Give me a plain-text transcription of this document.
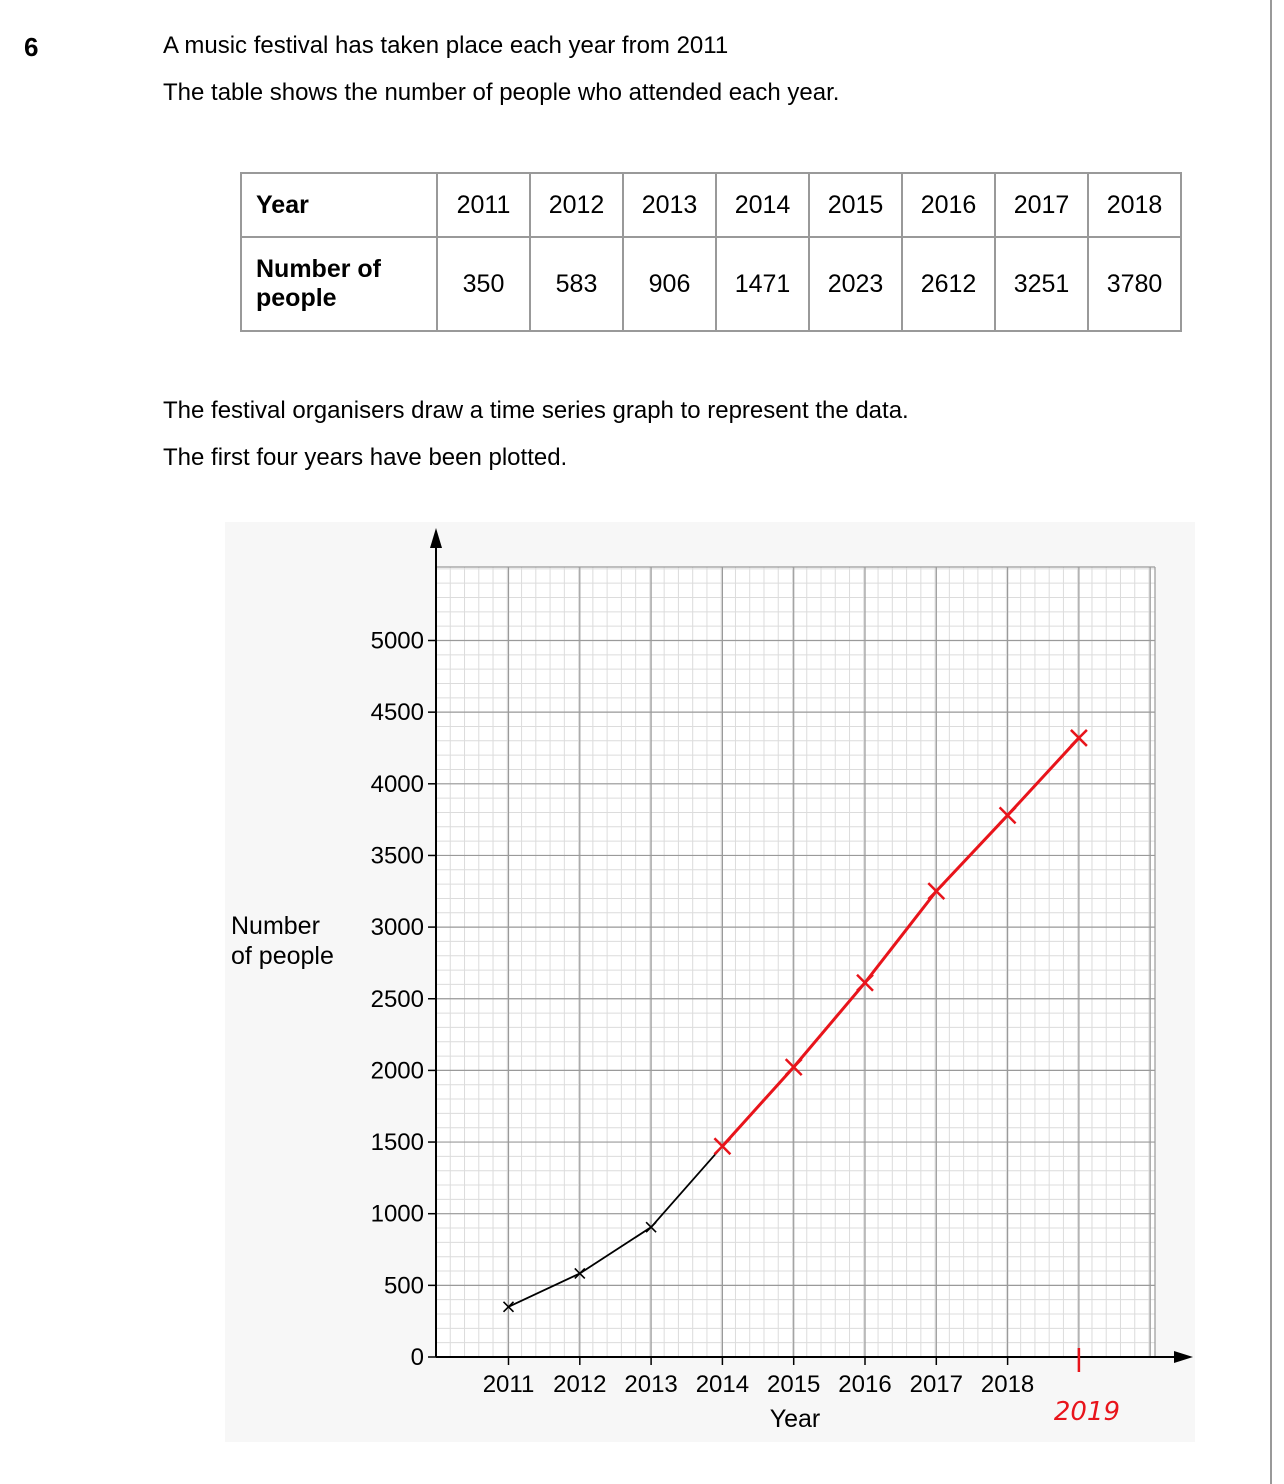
6	A music festival has taken place each year from 2011
The table shows the number of people who attended each year.
Year	2011	2012	2013	2014	2015	2016	2017	2018
Number of
people	350	583	906	1471	2023	2612	3251	3780
The festival organisers draw a time series graph to represent the data.
The first four years have been plotted.
0
500
1000
1500
2000
2500
3000
3500
4000
4500
5000
2011 2012 2013 2014 2015 2016 2017 2018
Number
of people
Year	2019
